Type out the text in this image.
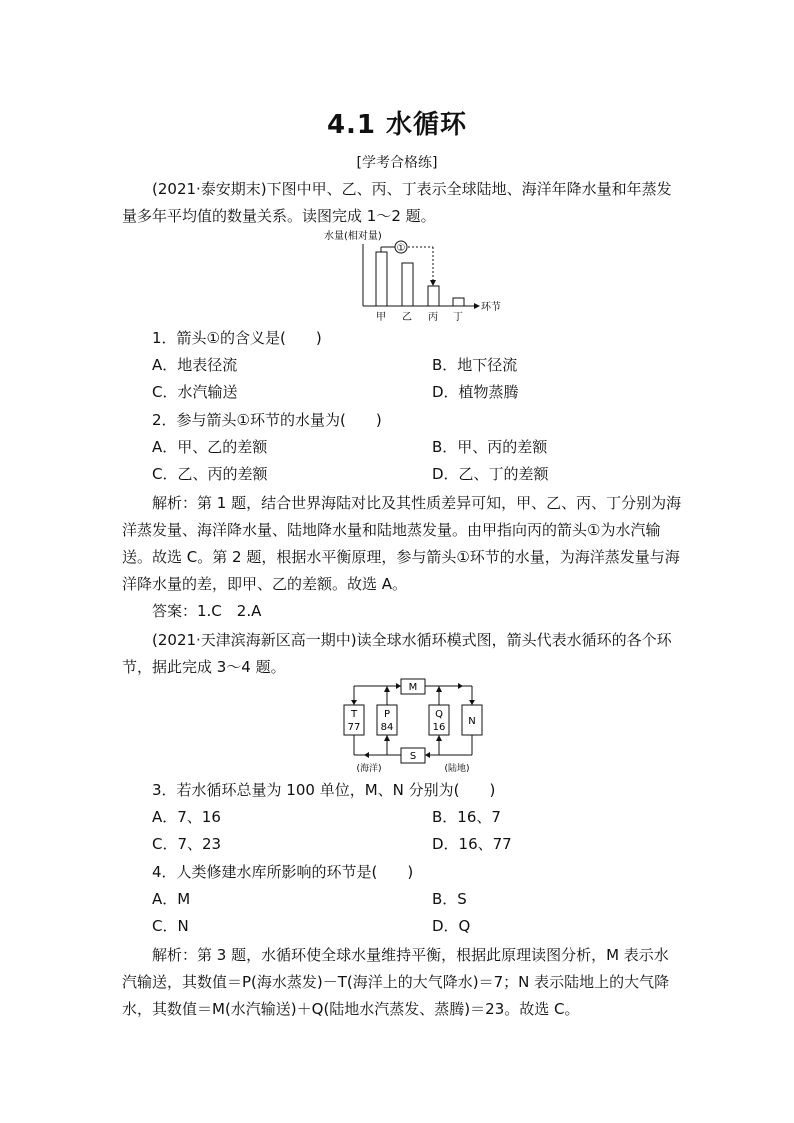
4.1 水循环
[学考合格练]
(2021·泰安期末)下图中甲、乙、丙、丁表示全球陆地、海洋年降水量和年蒸发量多年平均值的数量关系。读图完成 1～2 题。
水量(相对量)
环节
①
甲 乙 丙 丁
1．箭头①的含义是(　　)
A．地表径流	B．地下径流
C．水汽输送	D．植物蒸腾
2．参与箭头①环节的水量为(　　)
A．甲、乙的差额	B．甲、丙的差额
C．乙、丙的差额	D．乙、丁的差额
解析：第 1 题，结合世界海陆对比及其性质差异可知，甲、乙、丙、丁分别为海洋蒸发量、海洋降水量、陆地降水量和陆地蒸发量。由甲指向丙的箭头①为水汽输送。故选 C。第 2 题，根据水平衡原理，参与箭头①环节的水量，为海洋蒸发量与海洋降水量的差，即甲、乙的差额。故选 A。
答案：1.C　2.A
(2021·天津滨海新区高一期中)读全球水循环模式图，箭头代表水循环的各个环节，据此完成 3～4 题。
M
S
T
77
P
84
Q
16
N
(海洋)	(陆地)
3．若水循环总量为 100 单位，M、N 分别为(　　)
A．7、16	B．16、7
C．7、23	D．16、77
4．人类修建水库所影响的环节是(　　)
A．M	B．S
C．N	D．Q
解析：第 3 题，水循环使全球水量维持平衡，根据此原理读图分析，M 表示水汽输送，其数值＝P(海水蒸发)－T(海洋上的大气降水)＝7；N 表示陆地上的大气降水，其数值＝M(水汽输送)＋Q(陆地水汽蒸发、蒸腾)＝23。故选 C。
